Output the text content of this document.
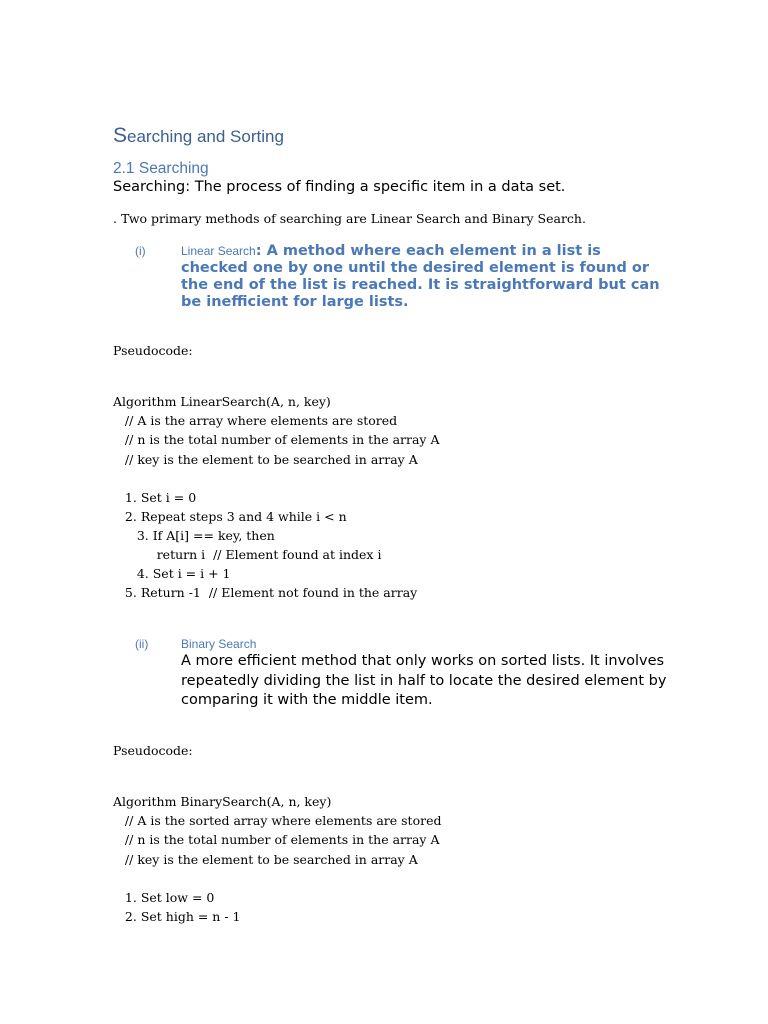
Searching and Sorting
2.1 Searching
Searching: The process of finding a specific item in a data set.
. Two primary methods of searching are Linear Search and Binary Search.
(i)	Linear Search: A method where each element in a list is checked one by one until the desired element is found or the end of the list is reached. It is straightforward but can be inefficient for large lists.
Pseudocode:
Algorithm LinearSearch(A, n, key)
// A is the array where elements are stored
// n is the total number of elements in the array A
// key is the element to be searched in array A
1. Set i = 0
2. Repeat steps 3 and 4 while i < n
3. If A[i] == key, then
return i  // Element found at index i
4. Set i = i + 1
5. Return -1  // Element not found in the array
(ii)	Binary Search
A more efficient method that only works on sorted lists. It involves repeatedly dividing the list in half to locate the desired element by comparing it with the middle item.
Pseudocode:
Algorithm BinarySearch(A, n, key)
// A is the sorted array where elements are stored
// n is the total number of elements in the array A
// key is the element to be searched in array A
1. Set low = 0
2. Set high = n - 1
